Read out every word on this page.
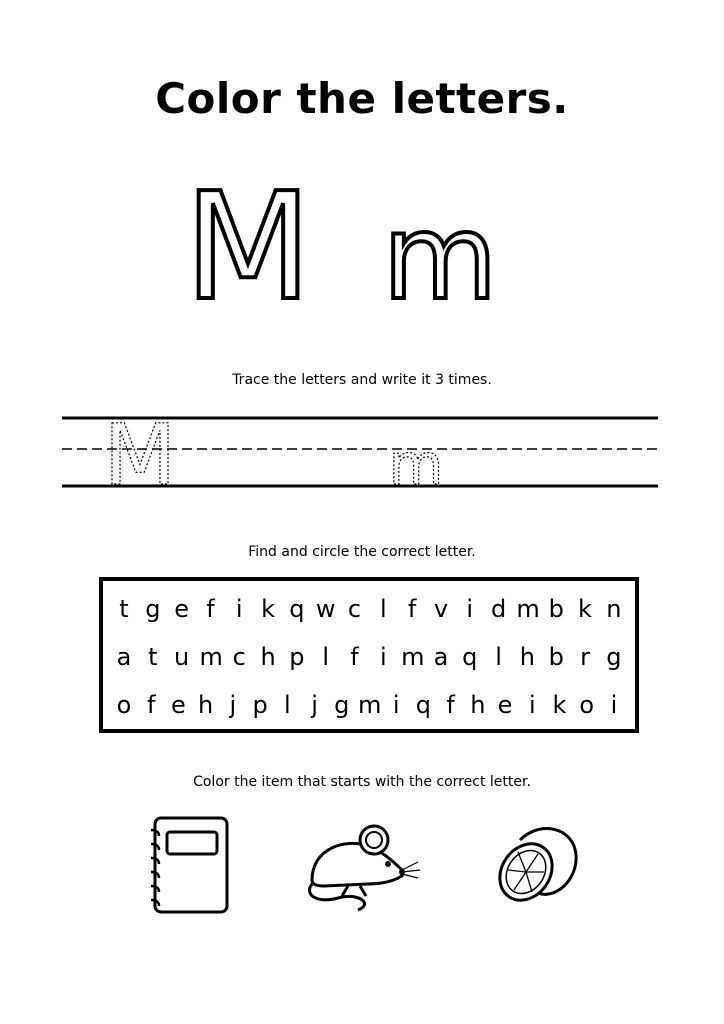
Color the letters.
M m
Trace the letters and write it 3 times.
M	m
Find and circle the correct letter.
t g e f i k q w c l f v i d m b k n
a t u m c h p l f i m a q l h b r g
o f e h j p l j g m i q f h e i k o i
Color the item that starts with the correct letter.
